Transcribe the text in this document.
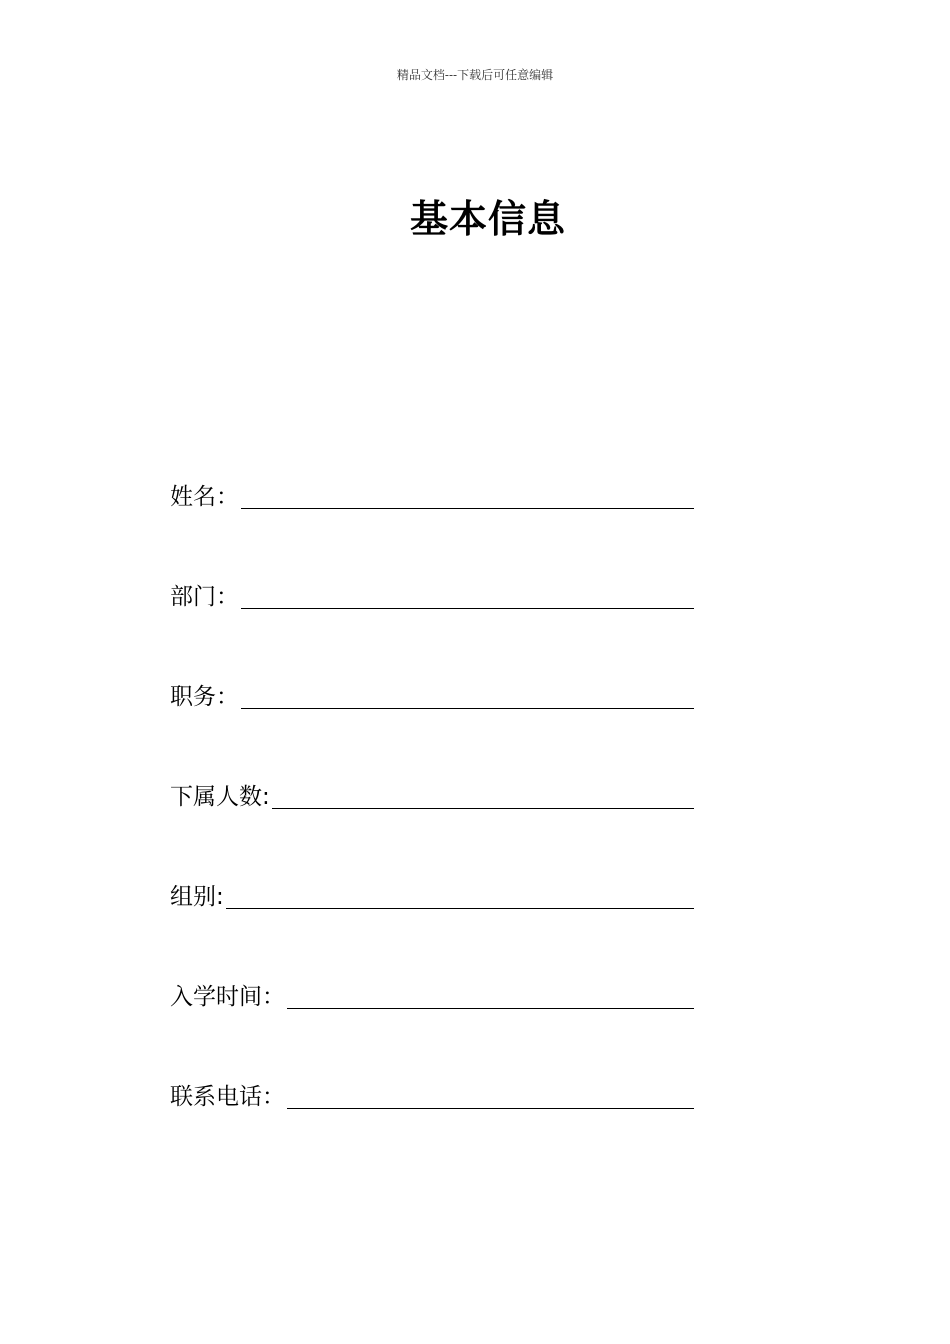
精品文档---下载后可任意编辑
基本信息
姓名：
部门：
职务：
下属人数:
组别:
入学时间：
联系电话：
